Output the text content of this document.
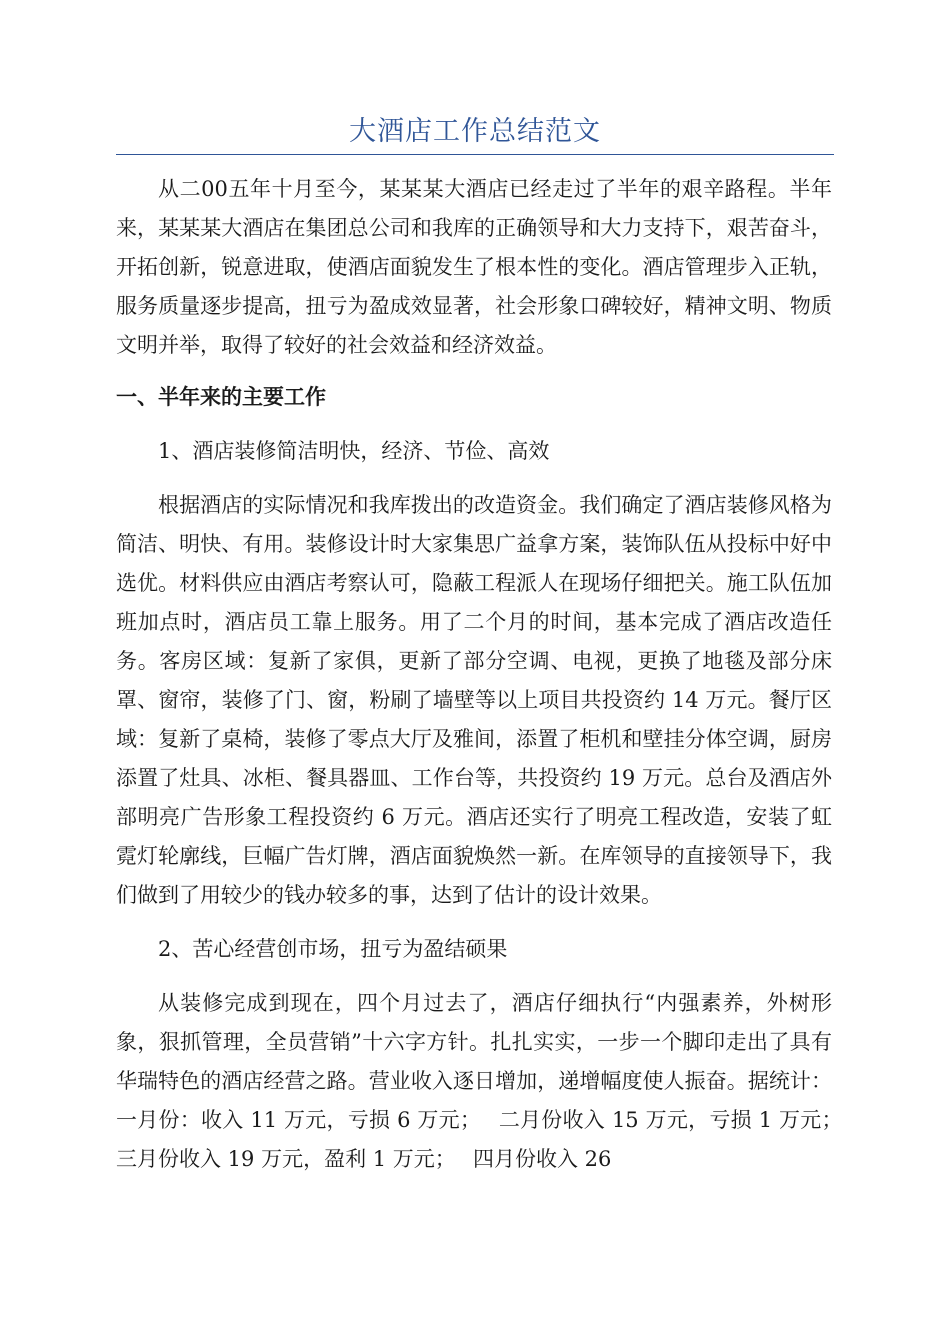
大酒店工作总结范文

从二00五年十月至今，某某某大酒店已经走过了半年的艰辛路程。半年来，某某某大酒店在集团总公司和我库的正确领导和大力支持下，艰苦奋斗，开拓创新，锐意进取，使酒店面貌发生了根本性的变化。酒店管理步入正轨，服务质量逐步提高，扭亏为盈成效显著，社会形象口碑较好，精神文明、物质文明并举，取得了较好的社会效益和经济效益。

一、半年来的主要工作

1、酒店装修简洁明快，经济、节俭、高效

根据酒店的实际情况和我库拨出的改造资金。我们确定了酒店装修风格为简洁、明快、有用。装修设计时大家集思广益拿方案，装饰队伍从投标中好中选优。材料供应由酒店考察认可，隐蔽工程派人在现场仔细把关。施工队伍加班加点时，酒店员工靠上服务。用了二个月的时间，基本完成了酒店改造任务。客房区域：复新了家俱，更新了部分空调、电视，更换了地毯及部分床罩、窗帘，装修了门、窗，粉刷了墙壁等以上项目共投资约 14 万元。餐厅区域：复新了桌椅，装修了零点大厅及雅间，添置了柜机和壁挂分体空调，厨房添置了灶具、冰柜、餐具器皿、工作台等，共投资约 19 万元。总台及酒店外部明亮广告形象工程投资约 6 万元。酒店还实行了明亮工程改造，安装了虹霓灯轮廓线，巨幅广告灯牌，酒店面貌焕然一新。在库领导的直接领导下，我们做到了用较少的钱办较多的事，达到了估计的设计效果。

2、苦心经营创市场，扭亏为盈结硕果

从装修完成到现在，四个月过去了，酒店仔细执行“内强素养，外树形象，狠抓管理，全员营销”十六字方针。扎扎实实，一步一个脚印走出了具有华瑞特色的酒店经营之路。营业收入逐日增加，递增幅度使人振奋。据统计：一月份：收入 11 万元，亏损 6 万元；　 二月份收入 15 万元，亏损 1 万元；　 三月份收入 19 万元，盈利 1 万元；　 四月份收入 26
